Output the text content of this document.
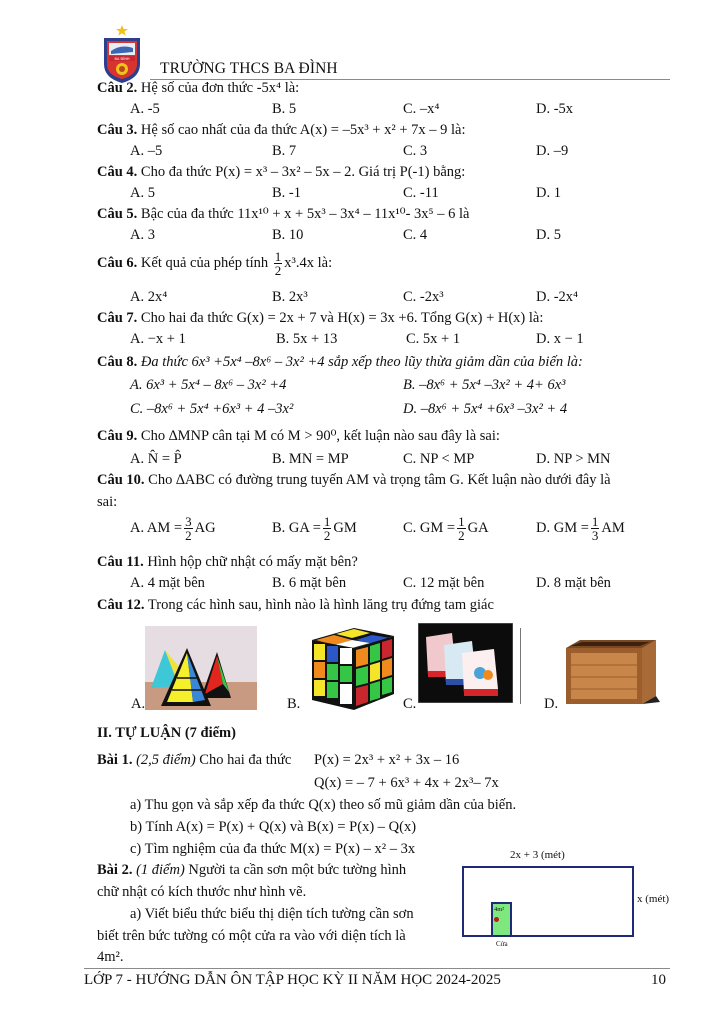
BA ĐÌNH
TRƯỜNG THCS BA ĐÌNH
Câu 2. Hệ số của đơn thức -5x⁴ là:
A. -5	B. 5	C. –x⁴	D. -5x
Câu 3. Hệ số cao nhất của đa thức A(x) = –5x³ + x² + 7x – 9 là:
A. –5	B. 7	C. 3	D. –9
Câu 4. Cho đa thức P(x) = x³ – 3x² – 5x – 2. Giá trị P(-1) bằng:
A. 5	B. -1	C. -11	D. 1
Câu 5. Bậc của đa thức 11x¹⁰ + x + 5x³ – 3x⁴ – 11x¹⁰- 3x⁵ – 6 là
A. 3	B. 10	C. 4	D. 5
Câu 6. Kết quả của phép tính $\frac{1}{2} x^3.4x$ là:
A. 2x⁴	B. 2x³	C. -2x³	D. -2x⁴
Câu 7. Cho hai đa thức G(x) = 2x + 7 và H(x) = 3x +6. Tổng G(x) + H(x) là:
A. −x + 1	B. 5x + 13	C. 5x + 1	D. x − 1
Câu 8. Đa thức 6x³ +5x⁴ –8x⁶ – 3x² +4 sắp xếp theo lũy thừa giảm dần của biến là:
A. 6x³ + 5x⁴ – 8x⁶ – 3x² +4	B. –8x⁶ + 5x⁴ –3x² + 4+ 6x³
C. –8x⁶ + 5x⁴ +6x³ + 4 –3x²	D. –8x⁶ + 5x⁴ +6x³ –3x² + 4
Câu 9. Cho ∆MNP cân tại M có M > 90⁰, kết luận nào sau đây là sai:
A. N̂ = P̂	B. MN = MP	C. NP < MP	D. NP > MN
Câu 10. Cho ∆ABC có đường trung tuyến AM và trọng tâm G. Kết luận nào dưới đây là
sai:
A. AM = $\frac{3}{2}$ AG	B. GA = $\frac{1}{2}$ GM	C. GM = $\frac{1}{2}$ GA	D. GM = $\frac{1}{3}$ AM
Câu 11. Hình hộp chữ nhật có mấy mặt bên?
A. 4 mặt bên	B. 6 mặt bên	C. 12 mặt bên	D. 8 mặt bên
Câu 12. Trong các hình sau, hình nào là hình lăng trụ đứng tam giác
A.	B.	C.	D.
II. TỰ LUẬN (7 điểm)
Bài 1. (2,5 điểm) Cho hai đa thức P(x) = 2x³ + x² + 3x – 16
Q(x) = – 7 + 6x³ + 4x + 2x³– 7x
a) Thu gọn và sắp xếp đa thức Q(x) theo số mũ giảm dần của biến.
b) Tính A(x) = P(x) + Q(x) và B(x) = P(x) – Q(x)
c) Tìm nghiệm của đa thức M(x) = P(x) – x² – 3x
Bài 2. (1 điểm) Người ta cần sơn một bức tường hình
chữ nhật có kích thước như hình vẽ.
a) Viết biểu thức biểu thị diện tích tường cần sơn
biết trên bức tường có một cửa ra vào với diện tích là
4m².
2x + 3 (mét)
x (mét)
4m²
Cửa
LỚP 7 - HƯỚNG DẪN ÔN TẬP HỌC KỲ II NĂM HỌC 2024-2025	10
